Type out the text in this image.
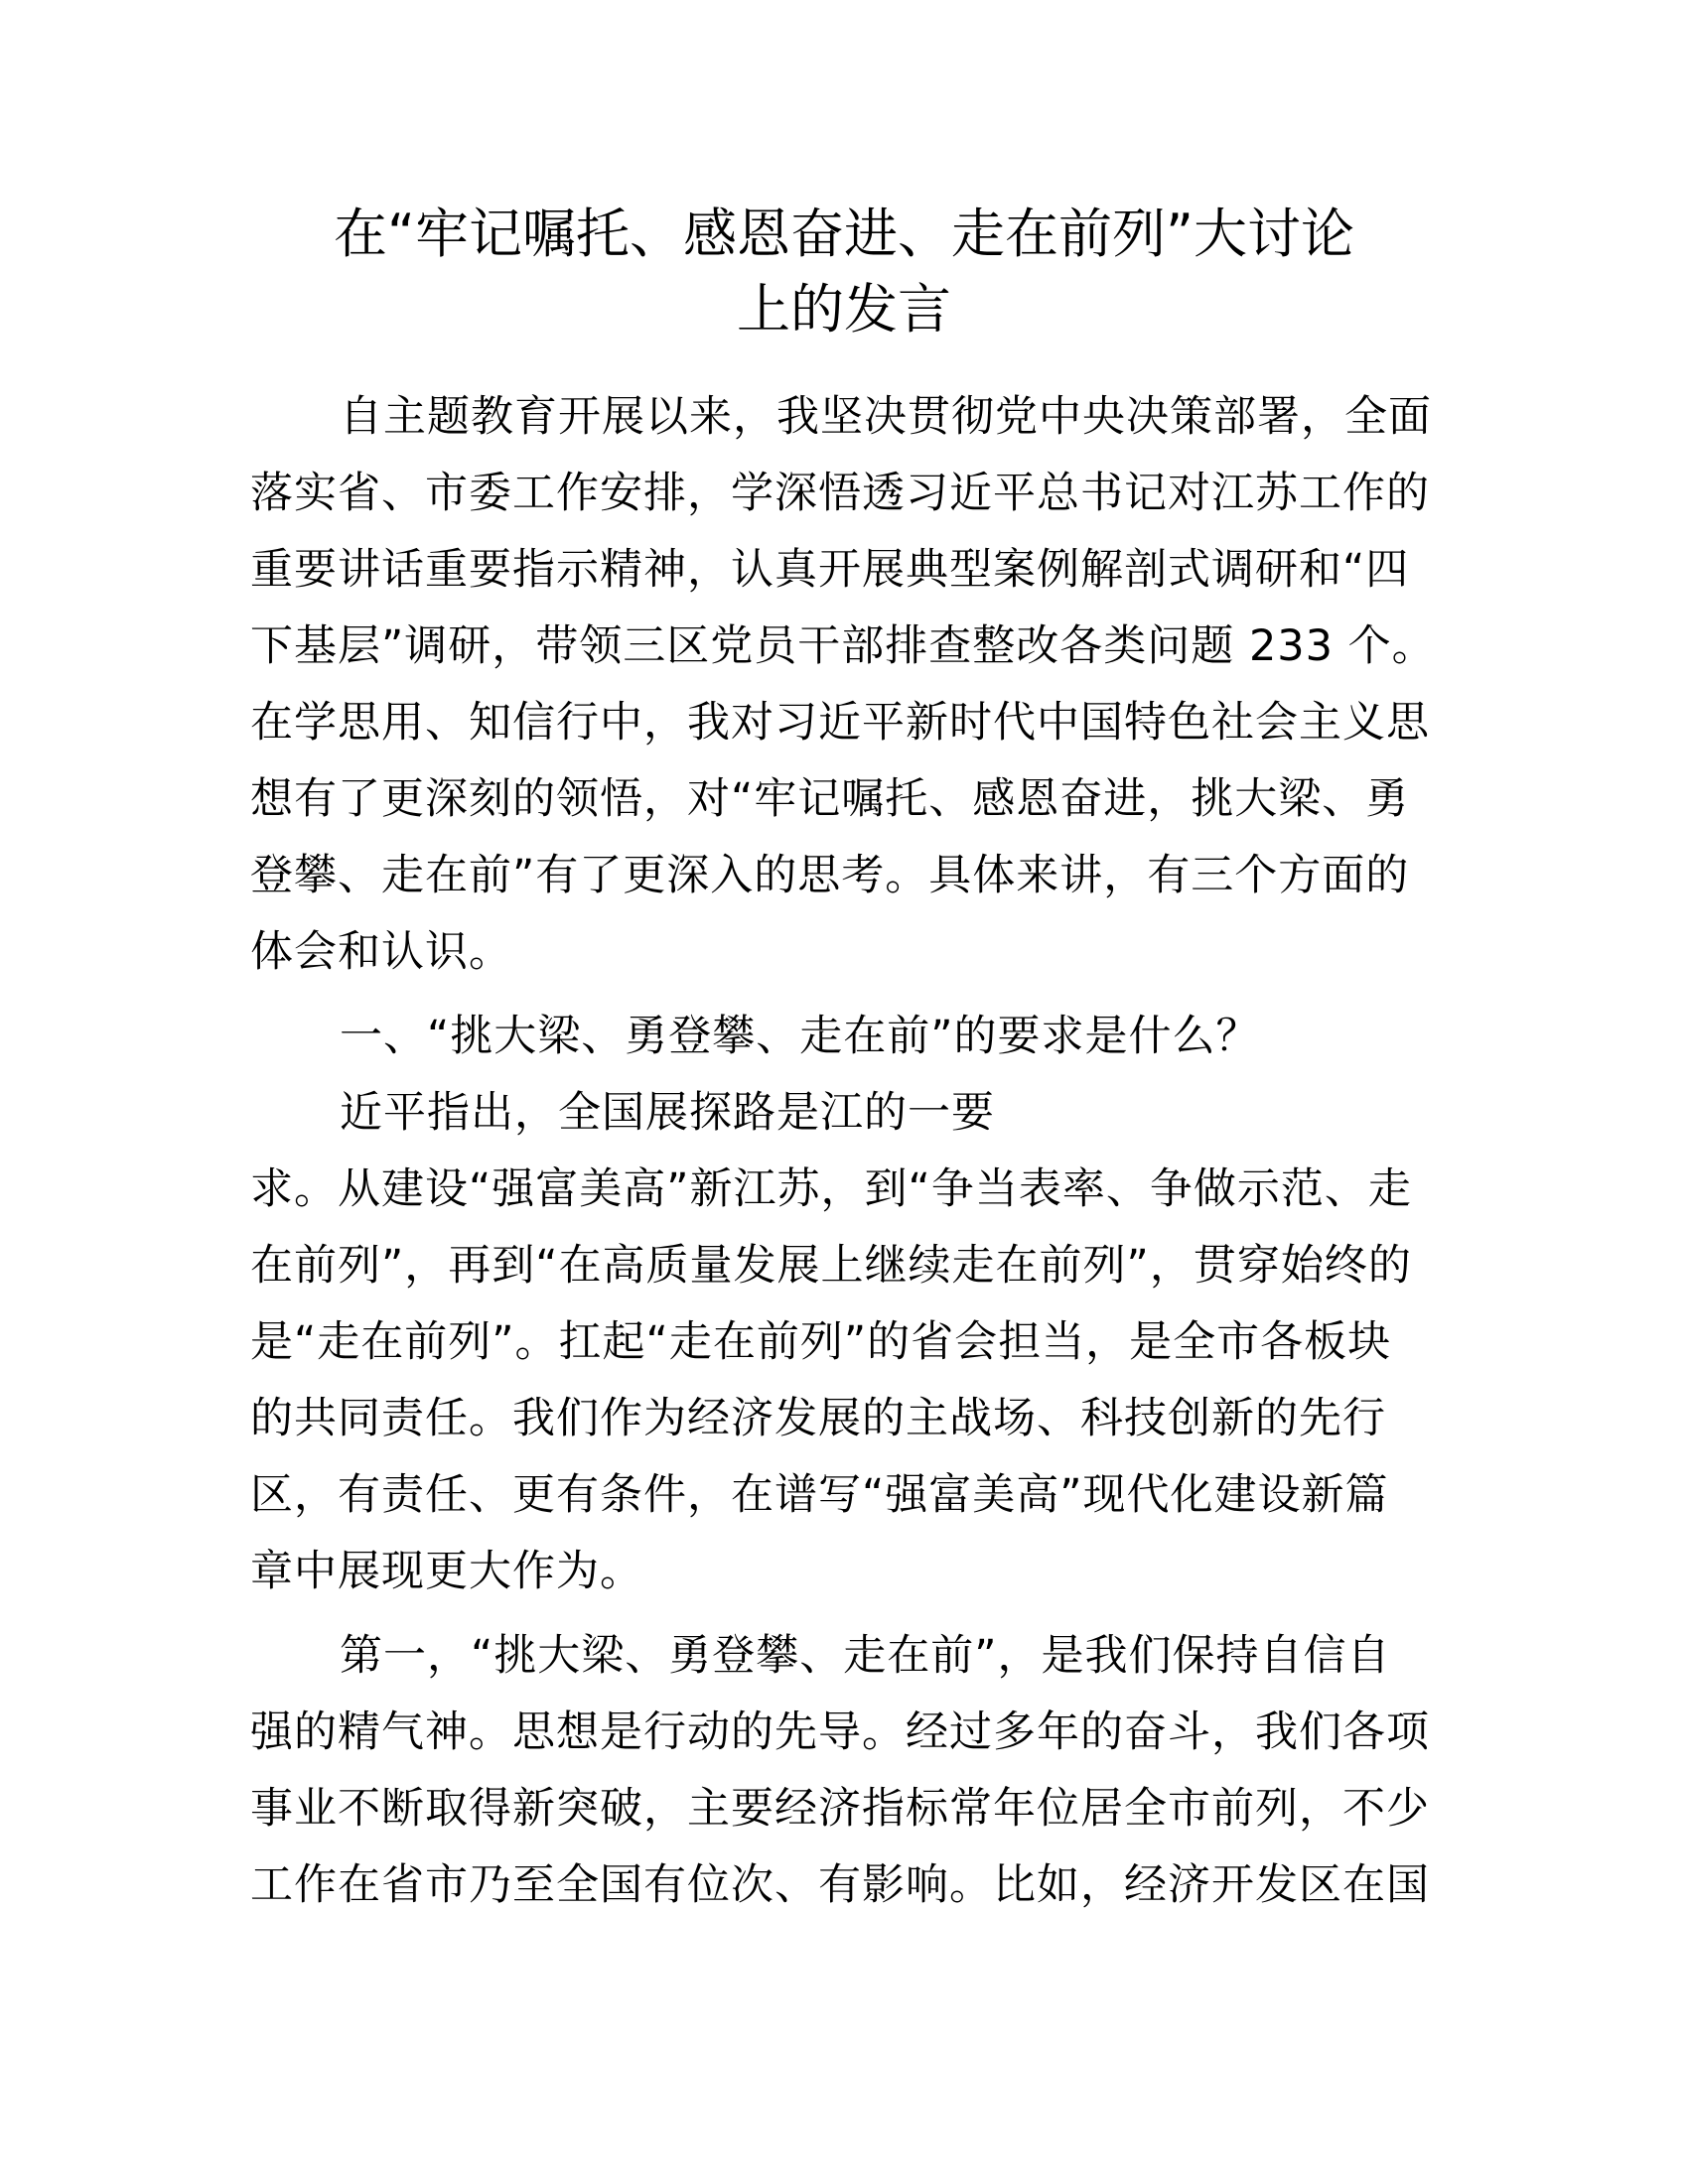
在“牢记嘱托、感恩奋进、走在前列”大讨论
上的发言
自主题教育开展以来，我坚决贯彻党中央决策部署，全面
落实省、市委工作安排，学深悟透习近平总书记对江苏工作的
重要讲话重要指示精神，认真开展典型案例解剖式调研和“四
下基层”调研，带领三区党员干部排查整改各类问题 233 个。
在学思用、知信行中，我对习近平新时代中国特色社会主义思
想有了更深刻的领悟，对“牢记嘱托、感恩奋进，挑大梁、勇
登攀、走在前”有了更深入的思考。具体来讲，有三个方面的
体会和认识。
一、“挑大梁、勇登攀、走在前”的要求是什么？
近平指出，全国展探路是江的一要
求。从建设“强富美高”新江苏，到“争当表率、争做示范、走
在前列”，再到“在高质量发展上继续走在前列”，贯穿始终的
是“走在前列”。扛起“走在前列”的省会担当，是全市各板块
的共同责任。我们作为经济发展的主战场、科技创新的先行
区，有责任、更有条件，在谱写“强富美高”现代化建设新篇
章中展现更大作为。
第一，“挑大梁、勇登攀、走在前”，是我们保持自信自
强的精气神。思想是行动的先导。经过多年的奋斗，我们各项
事业不断取得新突破，主要经济指标常年位居全市前列，不少
工作在省市乃至全国有位次、有影响。比如，经济开发区在国
